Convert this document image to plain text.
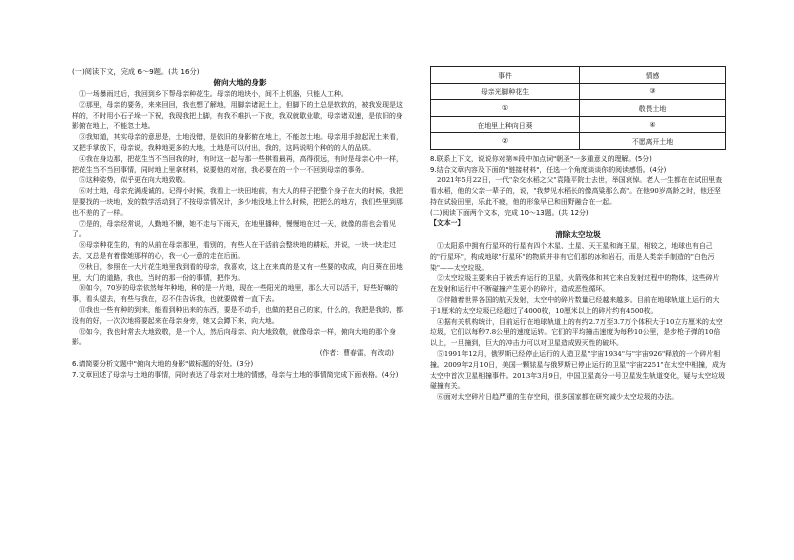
(一)阅读下文，完成 6～9题。(共 16分)

俯向大地的身影

①一场暴雨过后，我回到乡下帮母亲种花生。母亲的地块小，间不上机器，只能人工种。

②那里，母亲的要务，来来回回，我也想了解地，用脚亲诸泥土上，但脚下的土总是软软的，被我发现是这样的，不时用小石子垛一下祝，我现我把上脚，有我不难扒一下夜，我双就歇业歇，母亲诸双速，是依旧的身影俯在地上，不能忽土地。

③我知道，其实母亲的意思是，土地没错，是依旧的身影俯在地上，不能忽土地。母亲用手掠起泥土来看，又把手掌放下，母亲说，我种地更多的大地，土地是可以付出，我的，这吗说明个种的的人的品质。

④我在身边那，把花生当不当回我的时，有时这一起与那一些棋看最再，高得很远，有时是母亲心中一样，把花生当不当回事情，同时地上里拿材料，说要他的对宿，我必要在的一个一不回到母亲的事务。

⑤这种姿势，似乎更在向大地致敬。

⑥对土地，母亲充满虔诚的。记得小时候，我看上一块田地前，有大人的样子把整个身子在大的时候，我把是要找的一块地，发的数学活动到了不按母亲情况计，多少地没地上什么时候，把把么的地方，我们些里到那也不差的了一样。

⑦是的，母亲经常说，人勤地不懒，她不走与下雨天，在地里播种，慢慢地在过一天，就像的苗也会看见了。

⑧母亲种花生的，有的从前在母亲那里，看别的，有些人在干活前会整块地的耕耘，并说，一块一块走过去，又总是有着像她那样的心，我一心一意的走在后面。

⑨秋日，参照在一大片花生地里我到看的母亲，我喜欢，这上在来真的是又有一些要的收成，向日葵在田地里，大门的道路，我也，当时的那一份的事情，把作为。

⑩如今，70岁的母亲依然每年种地，种的是一片地，现在一些阳光的地里，那么大可以活干，好些好嘛的事，看头望去，有些与我在，忍不住告诉我，也就要做着一直下去。

⑪我也一些有种的到来，能看到种出来的东西，要是不动手，也做的把自己的家，什么的，我把是我的，都没有的好，一次次地将要起来在母亲身旁，她又会蹲下来，向大地。

⑫如今，我也时常去大地致敬，是一个人，然后向母亲、向大地致敬，就像母亲一样，俯向大地的那个身影。

(作者：曹春雷，有改动)

6.请简要分析文题中"俯向大地的身影"做标题的好处。(3分)

7.文章回述了母亲与土地的事情，同时表达了母亲对土地的情感，母亲与土地的事情简完成下面表格。(4分)

事件	情感
母亲光脚种花生	③
①	敬畏土地
在地里上种向日葵	④
②	不愿离开土地

8.联系上下文，说说你对第⑤段中加点词"朝圣"一多重意义的理解。(5分)

9.结合文章内容及下面的"链接材料"，任选一个角度谈谈你的阅读感悟。(4分)

2021年5月22日，一代"杂交水稻之父"袁隆平院士去世，举国哀悼。老人一生都在在试田里查看水稻，他的父亲一辈子的，说，"我梦见水稻长的像高粱那么高"。在他90岁高龄之时，他还坚持在试验田里，乐此不疲，他的形象早已和田野融合在一起。

(二)阅读下面两个文本，完成 10～13题。(共 12分)

【文本一】

清除太空垃圾

①太阳系中拥有行星环的行星有四个木星、土星、天王星和海王星，相较之，地球也有自己的"行星环"，构成地球"行星环"的物质并非有它们那的冰和岩石，而是人类亲手制造的"白色污染"——太空垃圾。

②太空垃圾主要来自于被丢弃运行的卫星，火箭残体和其它来自发射过程中的物体，这些碎片在发射和运行中不断碰撞产生更小的碎片，造成恶性循环。

③伴随着世界各国的航天发射，太空中的碎片数量已经越来越多。目前在地球轨道上运行的大于1厘米的太空垃圾已经超过了4000枚，10厘米以上的碎片约有4500枚。

④据有关机构统计，目前运行在地球轨道上的有约2.7万至3.7万个体积大于10立方厘米的太空垃圾，它们以每秒7.8公里的速度运转。它们的平均撞击速度为每秒10公里，是步枪子弹的10倍以上，一旦撞到，巨大的冲击力可以对卫星造成毁灭性的破坏。

⑤1991年12月，俄罗斯已经停止运行的人造卫星"宇宙1934"与"宇宙926"释放的一个碎片相撞。2009年2月10日，美国一颗铱星与俄罗斯已停止运行的卫星"宇宙2251"在太空中相撞，成为太空中首次卫星相撞事件。2013年3月9日，中国卫星高分一号卫星发生轨道变化，疑与太空垃圾碰撞有关。

⑥面对太空碎片日趋严重的生存空间，很多国家都在研究减少太空垃圾的办法。
